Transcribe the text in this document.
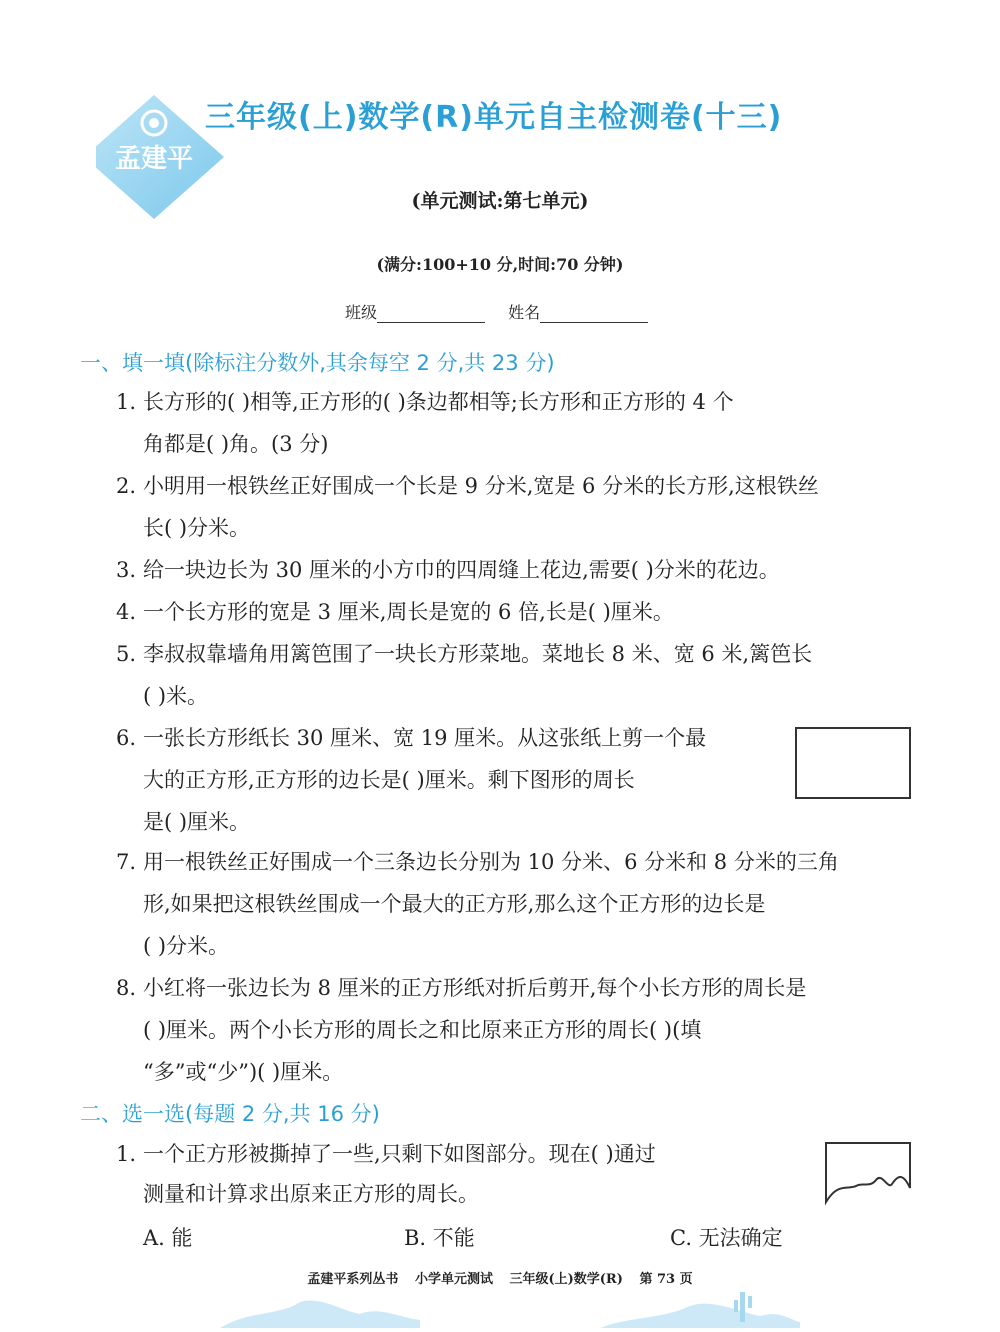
孟建平
三年级(上)数学(R)单元自主检测卷(十三)
(单元测试:第七单元)
(满分:100+10 分,时间:70 分钟)
班级	姓名
一、填一填(除标注分数外,其余每空 2 分,共 23 分)
1. 长方形的( )相等,正方形的( )条边都相等;长方形和正方形的 4 个
角都是( )角。(3 分)
2. 小明用一根铁丝正好围成一个长是 9 分米,宽是 6 分米的长方形,这根铁丝
长( )分米。
3. 给一块边长为 30 厘米的小方巾的四周缝上花边,需要( )分米的花边。
4. 一个长方形的宽是 3 厘米,周长是宽的 6 倍,长是( )厘米。
5. 李叔叔靠墙角用篱笆围了一块长方形菜地。菜地长 8 米、宽 6 米,篱笆长
( )米。
6. 一张长方形纸长 30 厘米、宽 19 厘米。从这张纸上剪一个最
大的正方形,正方形的边长是( )厘米。剩下图形的周长
是( )厘米。
7. 用一根铁丝正好围成一个三条边长分别为 10 分米、6 分米和 8 分米的三角
形,如果把这根铁丝围成一个最大的正方形,那么这个正方形的边长是
( )分米。
8. 小红将一张边长为 8 厘米的正方形纸对折后剪开,每个小长方形的周长是
( )厘米。两个小长方形的周长之和比原来正方形的周长( )(填
“多”或“少”)( )厘米。
二、选一选(每题 2 分,共 16 分)
1. 一个正方形被撕掉了一些,只剩下如图部分。现在( )通过
测量和计算求出原来正方形的周长。
A. 能	B. 不能	C. 无法确定
孟建平系列丛书 小学单元测试 三年级(上)数学(R) 第 73 页
